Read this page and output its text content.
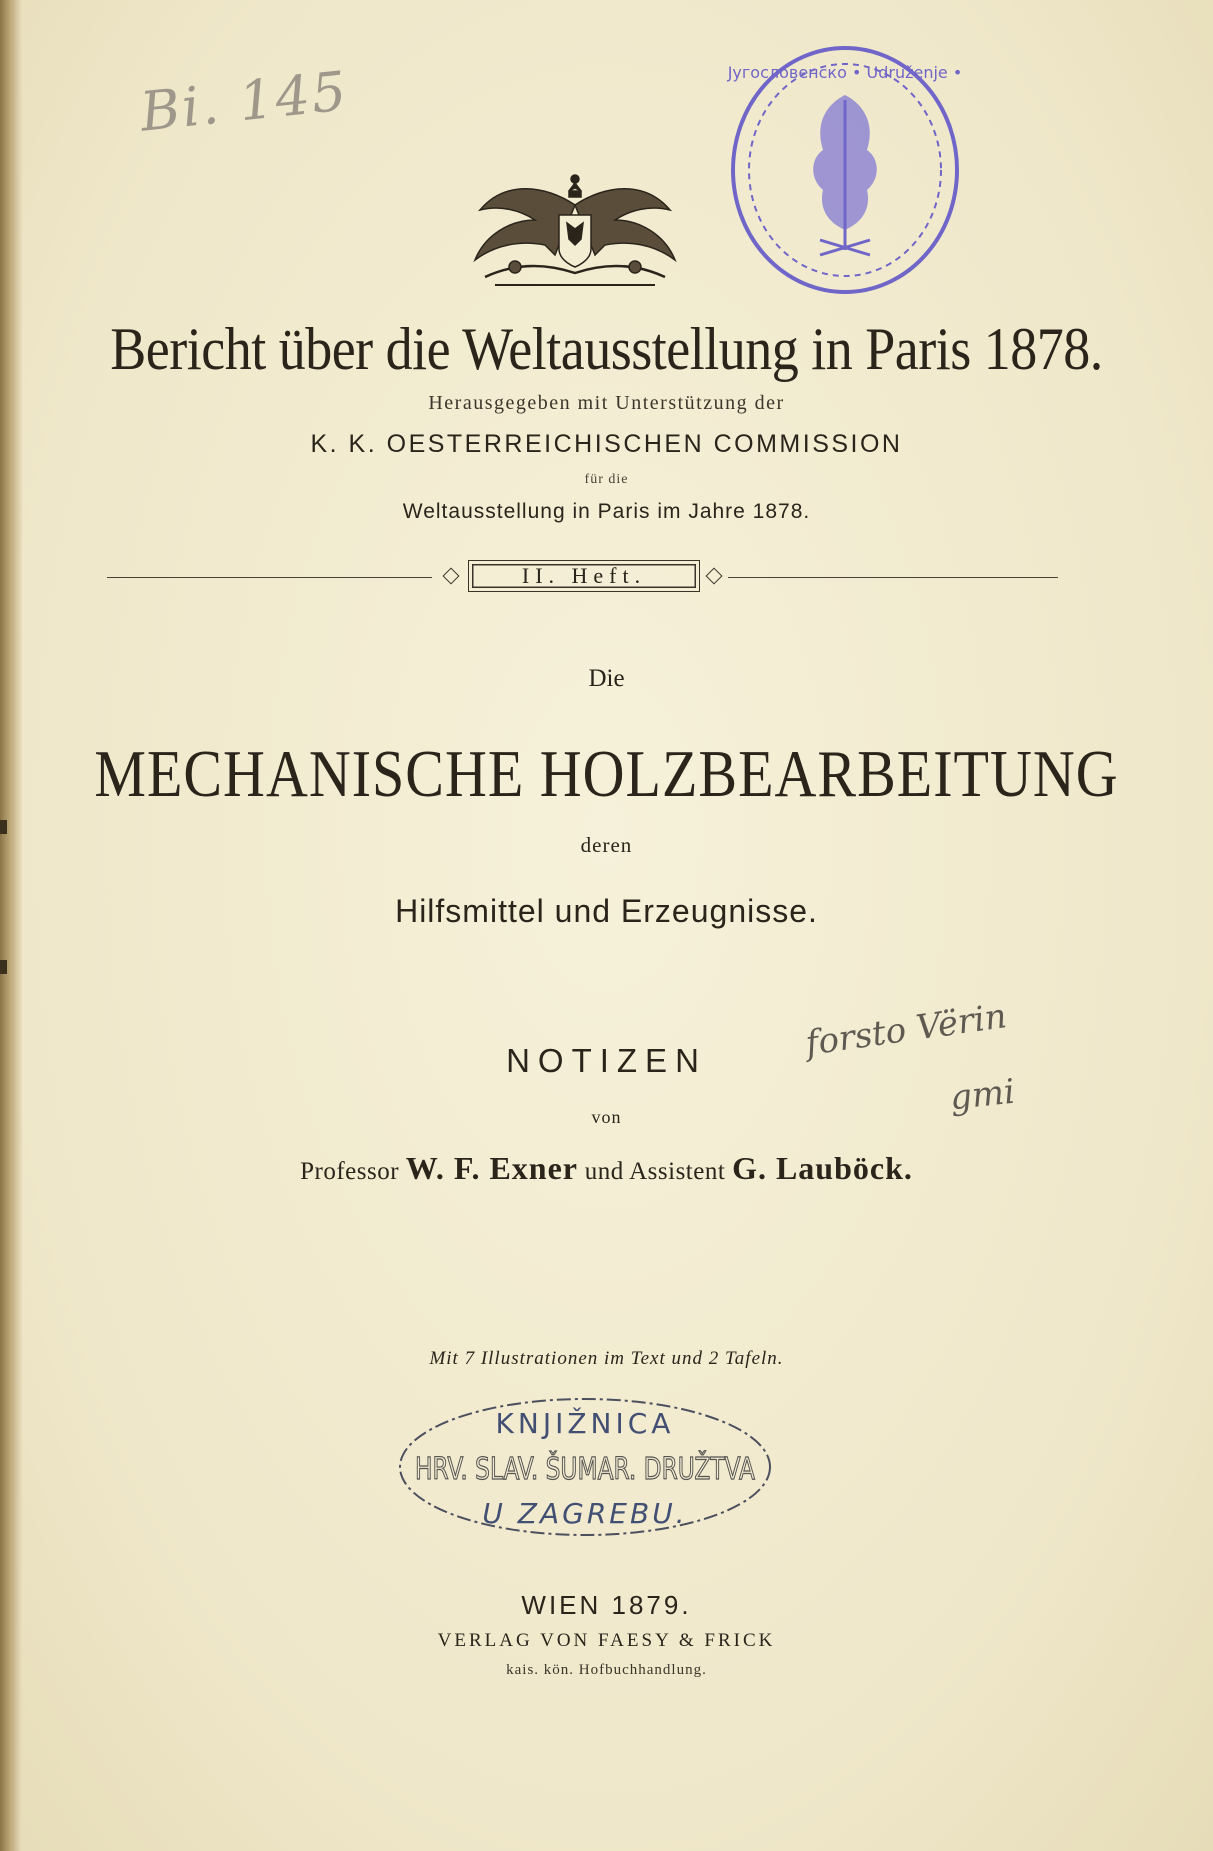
Bi. 145	Југословенско • Udruženje •
Bericht über die Weltausstellung in Paris 1878.
Herausgegeben mit Unterstützung der
K. K. OESTERREICHISCHEN COMMISSION
für die
Weltausstellung in Paris im Jahre 1878.
II. Heft.
Die
MECHANISCHE HOLZBEARBEITUNG
deren
Hilfsmittel und Erzeugnisse.
NOTIZEN
von
Professor W. F. Exner und Assistent G. Lauböck.
forsto Vërin
gmi
Mit 7 Illustrationen im Text und 2 Tafeln.
KNJIŽNICA
HRV. SLAV. ŠUMAR. DRUŽTVA
U ZAGREBU.
WIEN 1879.
VERLAG VON FAESY & FRICK
kais. kön. Hofbuchhandlung.
